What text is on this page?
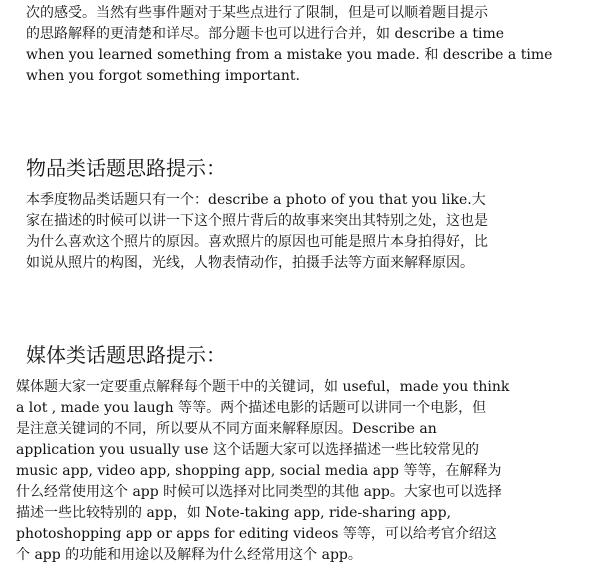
次的感受。当然有些事件题对于某些点进行了限制，但是可以顺着题目提示
的思路解释的更清楚和详尽。部分题卡也可以进行合并，如 describe a time
when you learned something from a mistake you made. 和 describe a time
when you forgot something important.

物品类话题思路提示：

本季度物品类话题只有一个：describe a photo of you that you like.大
家在描述的时候可以讲一下这个照片背后的故事来突出其特别之处，这也是
为什么喜欢这个照片的原因。喜欢照片的原因也可能是照片本身拍得好，比
如说从照片的构图，光线，人物表情动作，拍摄手法等方面来解释原因。

媒体类话题思路提示：

媒体题大家一定要重点解释每个题干中的关键词，如 useful，made you think
a lot , made you laugh 等等。两个描述电影的话题可以讲同一个电影，但
是注意关键词的不同，所以要从不同方面来解释原因。Describe an
application you usually use 这个话题大家可以选择描述一些比较常见的
music app, video app, shopping app, social media app 等等，在解释为
什么经常使用这个 app 时候可以选择对比同类型的其他 app。大家也可以选择
描述一些比较特别的 app，如 Note-taking app, ride-sharing app,
photoshopping app or apps for editing videos 等等，可以给考官介绍这
个 app 的功能和用途以及解释为什么经常用这个 app。
